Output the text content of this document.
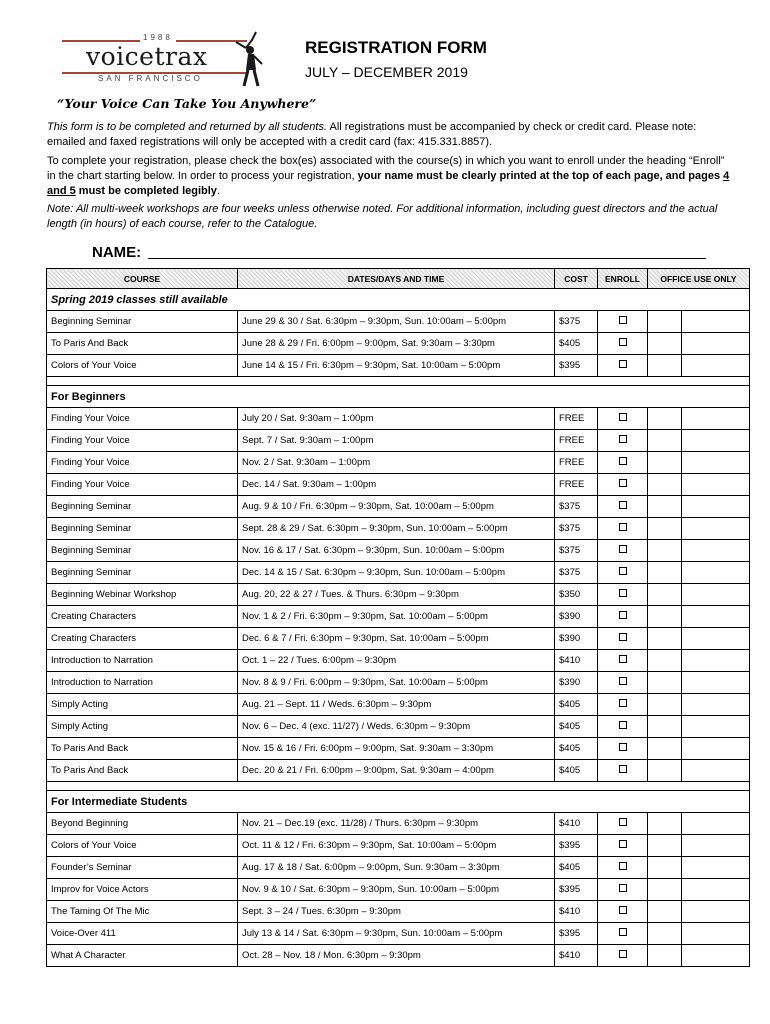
1988
voicetrax
SAN FRANCISCO
REGISTRATION FORM
JULY – DECEMBER 2019
“Your Voice Can Take You Anywhere”
This form is to be completed and returned by all students. All registrations must be accompanied by check or credit card. Please note: emailed and faxed registrations will only be accepted with a credit card (fax: 415.331.8857).
To complete your registration, please check the box(es) associated with the course(s) in which you want to enroll under the heading “Enroll” in the chart starting below. In order to process your registration, your name must be clearly printed at the top of each page, and pages 4 and 5 must be completed legibly.
Note: All multi-week workshops are four weeks unless otherwise noted. For additional information, including guest directors and the actual length (in hours) of each course, refer to the Catalogue.
NAME:
COURSE	DATES/DAYS AND TIME	COST	ENROLL	OFFICE USE ONLY	
Spring 2019 classes still available					
Beginning Seminar	June 29 & 30 / Sat. 6:30pm – 9:30pm, Sun. 10:00am – 5:00pm	$375			
To Paris And Back	June 28 & 29 / Fri. 6:00pm – 9:00pm, Sat. 9:30am – 3:30pm	$405			
Colors of Your Voice	June 14 & 15 / Fri. 6:30pm – 9:30pm, Sat. 10:00am – 5:00pm	$395			

For Beginners					
Finding Your Voice	July 20 / Sat. 9:30am – 1:00pm	FREE			
Finding Your Voice	Sept. 7 / Sat. 9:30am – 1:00pm	FREE			
Finding Your Voice	Nov. 2 / Sat. 9:30am – 1:00pm	FREE			
Finding Your Voice	Dec. 14 / Sat. 9:30am – 1:00pm	FREE			
Beginning Seminar	Aug. 9 & 10 / Fri. 6:30pm – 9:30pm, Sat. 10:00am – 5:00pm	$375			
Beginning Seminar	Sept. 28 & 29 / Sat. 6:30pm – 9:30pm, Sun. 10:00am – 5:00pm	$375			
Beginning Seminar	Nov. 16 & 17 / Sat. 6:30pm – 9:30pm, Sun. 10:00am – 5:00pm	$375			
Beginning Seminar	Dec. 14 & 15 / Sat. 6:30pm – 9:30pm, Sun. 10:00am – 5:00pm	$375			
Beginning Webinar Workshop	Aug. 20, 22 & 27 / Tues. & Thurs. 6:30pm – 9:30pm	$350			
Creating Characters	Nov. 1 & 2 / Fri. 6:30pm – 9:30pm, Sat. 10:00am – 5:00pm	$390			
Creating Characters	Dec. 6 & 7 / Fri. 6:30pm – 9:30pm, Sat. 10:00am – 5:00pm	$390			
Introduction to Narration	Oct. 1 – 22 / Tues. 6:00pm – 9:30pm	$410			
Introduction to Narration	Nov. 8 & 9 / Fri. 6:00pm – 9:30pm, Sat. 10:00am – 5:00pm	$390			
Simply Acting	Aug. 21 – Sept. 11 / Weds. 6:30pm – 9:30pm	$405			
Simply Acting	Nov. 6 – Dec. 4 (exc. 11/27) / Weds. 6:30pm – 9:30pm	$405			
To Paris And Back	Nov. 15 & 16 / Fri. 6:00pm – 9:00pm, Sat. 9:30am – 3:30pm	$405			
To Paris And Back	Dec. 20 & 21 / Fri. 6:00pm – 9:00pm, Sat. 9:30am – 4:00pm	$405			

For Intermediate Students					
Beyond Beginning	Nov. 21 – Dec.19 (exc. 11/28) / Thurs. 6:30pm – 9:30pm	$410			
Colors of Your Voice	Oct. 11 & 12 / Fri. 6:30pm – 9:30pm, Sat. 10:00am – 5:00pm	$395			
Founder’s Seminar	Aug. 17 & 18 / Sat. 6:00pm – 9:00pm, Sun. 9:30am – 3:30pm	$405			
Improv for Voice Actors	Nov. 9 & 10 / Sat. 6:30pm – 9:30pm, Sun. 10:00am – 5:00pm	$395			
The Taming Of The Mic	Sept. 3 – 24 / Tues. 6:30pm – 9:30pm	$410			
Voice-Over 411	July 13 & 14 / Sat. 6:30pm – 9:30pm, Sun. 10:00am – 5:00pm	$395			
What A Character	Oct. 28 – Nov. 18 / Mon. 6:30pm – 9:30pm	$410			
